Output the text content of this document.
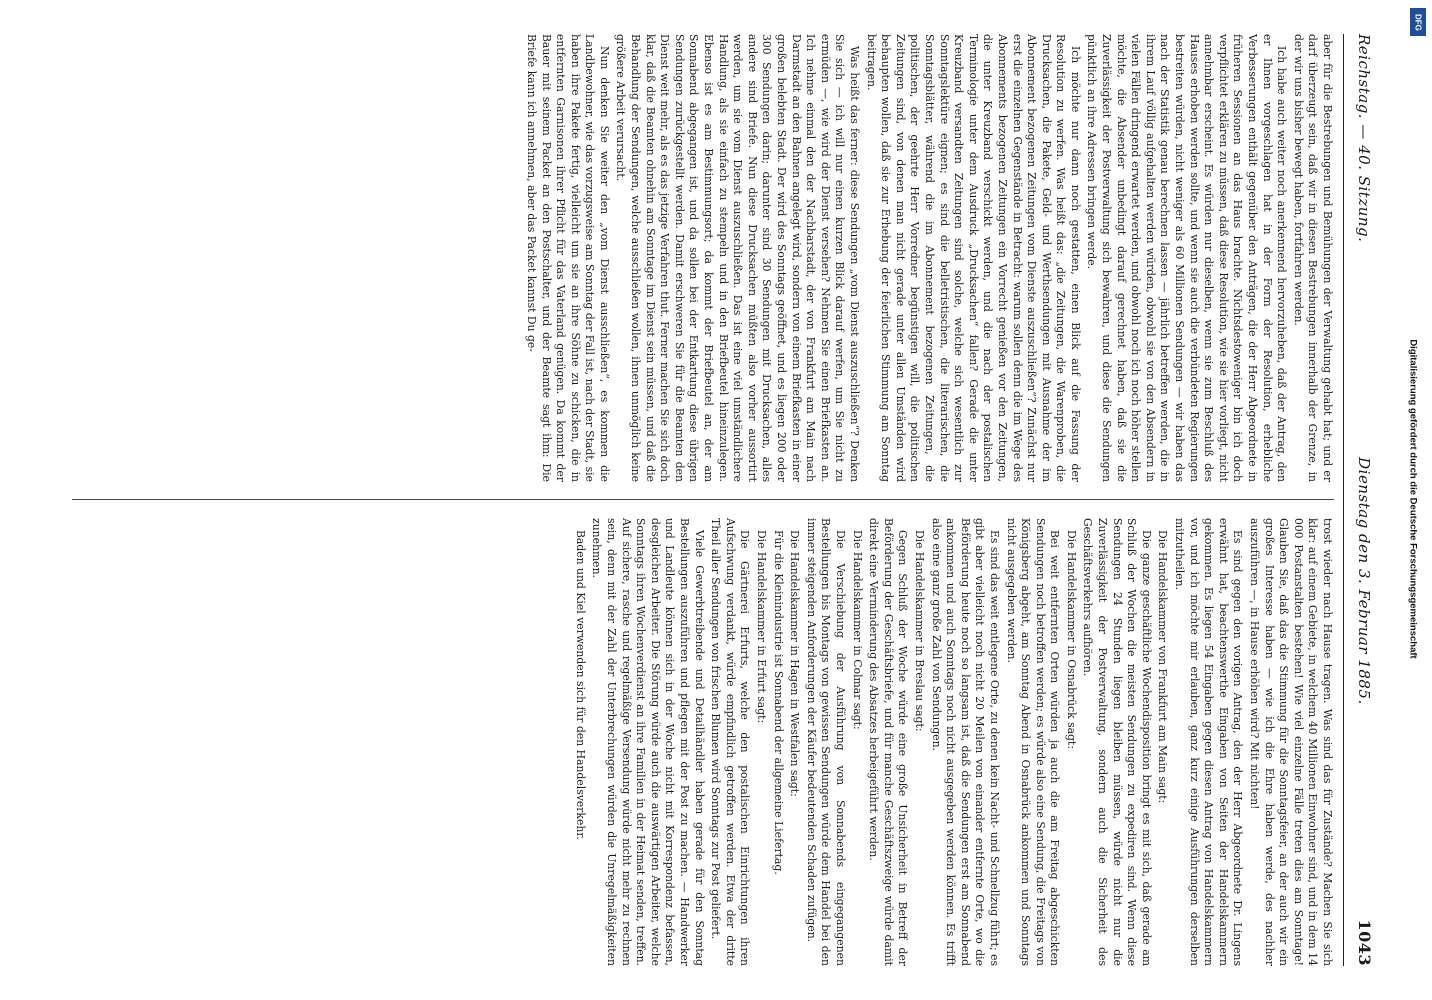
Reichstag. — 40. Sitzung.
Dienstag den 3. Februar 1885.
1043

aber für die Bestrebungen und Bemühungen der Verwaltung gehabt hat; und er darf überzeugt sein, daß wir in diesen Bestrebungen innerhalb der Grenze, in der wir uns bisher bewegt haben, fortfahren werden.

Ich habe auch weiter noch anerkennend hervorzuheben, daß der Antrag, den er Ihnen vorgeschlagen hat in der Form der Resolution, erhebliche Verbesserungen enthält gegenüber den Anträgen, die der Herr Abgeordnete in früheren Sessionen an das Haus brachte. Nichtsdestoweniger bin ich doch verpflichtet erklären zu müssen, daß diese Resolution, wie sie hier vorliegt, nicht annehmbar erscheint. Es würden nur dieselben, wenn sie zum Beschluß des Hauses erhoben werden sollte, und wenn sie auch die verbündeten Regierungen bestreiten würden, nicht weniger als 60 Millionen Sendungen — wir haben das nach der Statistik genau berechnen lassen — jährlich betreffen werden, die in ihrem Lauf völlig aufgehalten werden würden, obwohl sie von den Absendern in vielen Fällen dringend erwartet werden, und obwohl noch ich noch höher stellen möchte, die Absender unbedingt darauf gerechnet haben, daß sie die Zuverlässigkeit der Postverwaltung sich bewahren, und diese die Sendungen pünktlich an ihre Adressen bringen werde.

Ich möchte nur dann noch gestatten, einen Blick auf die Fassung der Resolution zu werfen. Was heißt das: „die Zeitungen, die Warenproben, die Drucksachen, die Pakete, Geld- und Werthsendungen mit Ausnahme der im Abonnement bezogenen Zeitungen vom Dienste auszuschließen“? Zunächst nur erst die einzelnen Gegenstände in Betracht: warum sollen denn die im Wege des Abonnements bezogenen Zeitungen ein Vorrecht genießen vor den Zeitungen, die unter Kreuzband verschickt werden, und die nach der postalischen Terminologie unter dem Ausdruck „Drucksachen“ fallen? Gerade die unter Kreuzband versandten Zeitungen sind solche, welche sich wesentlich zur Sonntagslektüre eignen; es sind die belletristischen, die literarischen, die Sonntagsblätter, während die im Abonnement bezogenen Zeitungen, die politischen, der geehrte Herr Vorredner begünstigen will, die politischen Zeitungen sind, von denen man nicht gerade unter allen Umständen wird behaupten wollen, daß sie zur Erhebung der feierlichen Stimmung am Sonntag beitragen.

Was heißt das ferner: diese Sendungen „vom Dienst auszuschließen“? Denken Sie sich — ich will nur einen kurzen Blick darauf werfen, um Sie nicht zu ermüden —, wie wird der Dienst versehen? Nehmen Sie einen Briefkasten an. Ich nehme einmal den der Nachbarstadt, der von Frankfurt am Main nach Darmstadt an den Bahnen angelegt wird, sondern von einem Briefkasten in einer großen belebten Stadt. Der wird des Sonntags geöffnet, und es liegen 200 oder 300 Sendungen darin; darunter sind 30 Sendungen mit Drucksachen, alles andere sind Briefe. Nun diese Drucksachen müßten also vorher aussortirt werden, um sie vom Dienst auszuschließen. Das ist eine viel umständlichere Handlung, als sie einfach zu stempeln und in den Briefbeutel hineinzulegen. Ebenso ist es am Bestimmungsort; da kommt der Briefbeutel an, der am Sonnabend abgegangen ist, und da sollen bei der Entkartung diese übrigen Sendungen zurückgestellt werden. Damit erschweren Sie für die Beamten den Dienst weit mehr, als es das jetzige Verfahren thut. Ferner machen Sie sich doch klar, daß die Beamten ohnehin am Sonntage im Dienst sein müssen, und daß die Behandlung der Sendungen, welche ausschließen wollen, ihnen unmöglich keine größere Arbeit verursacht.

Nun denken Sie weiter den „vom Dienst ausschließen“, es kommen die Landbewohner, wie das vorzugsweise am Sonntag der Fall ist, nach der Stadt, sie haben ihre Pakete fertig, vielleicht um sie an ihre Söhne zu schicken, die in entfernten Garnisonen ihrer Pflicht für das Vaterland genügen. Da kommt der Bauer mit seinem Packet an den Postschalter, und der Beamte sagt ihm: Die Briefe kann ich annehmen, aber das Packet kannst Du ge-

trost wieder nach Hause tragen. Was sind das für Zustände? Machen Sie sich klar: auf einem Gebiete, in welchem 40 Millionen Einwohner sind, und in dem 14 000 Postanstalten bestehen! Wie viel einzelne Fälle treten dies am Sonntage! Glauben Sie, daß das die Stimmung für die Sonntagsfeier, an der auch wir ein großes Interesse haben — wie ich die Ehre haben werde, des nachher auszuführen —, in Hause erhöhen wird? Mit nichten!

Es sind gegen den vorigen Antrag, den der Herr Abgeordnete Dr. Lingens erwähnt hat, beachtenswerthe Eingaben von Seiten der Handelskammern gekommen. Es liegen 54 Eingaben gegen diesen Antrag von Handelskammern vor, und ich möchte mir erlauben, ganz kurz einige Ausführungen derselben mitzutheilen.

Die Handelskammer von Frankfurt am Main sagt:

Die ganze geschäftliche Wochendisposition bringt es mit sich, daß gerade am Schluß der Wochen die meisten Sendungen zu expediren sind. Wenn diese Sendungen 24 Stunden liegen bleiben müssen, würde nicht nur die Zuverlässigkeit der Postverwaltung, sondern auch die Sicherheit des Geschäftsverkehrs aufhören.

Die Handelskammer in Osnabrück sagt:

Bei weit entfernten Orten würden ja auch die am Freitag abgeschickten Sendungen noch betroffen werden; es würde also eine Sendung, die Freitags von Königsberg abgeht, am Sonntag Abend in Osnabrück ankommen und Sonntags nicht ausgegeben werden.

Es sind das weit entlegene Orte, zu denen kein Nacht- und Schnellzug führt; es gibt aber vielleicht noch nicht 20 Meilen von einander entfernte Orte, wo die Beförderung heute noch so langsam ist, daß die Sendungen erst am Sonnabend ankommen und auch Sonntags noch nicht ausgegeben werden können. Es trifft also eine ganz große Zahl von Sendungen.

Die Handelskammer in Breslau sagt:

Gegen Schluß der Woche würde eine große Unsicherheit in Betreff der Beförderung der Geschäftsbriefe, und für manche Geschäftszweige würde damit direkt eine Verminderung des Absatzes herbeigeführt werden.

Die Handelskammer in Colmar sagt:

Die Verschiebung der Ausführung von Sonnabends eingegangenen Bestellungen bis Montags von gewissen Sendungen würde dem Handel bei den immer steigenden Anforderungen der Käufer bedeutenden Schaden zufügen.

Die Handelskammer in Hagen in Westfalen sagt:

Für die Kleinindustrie ist Sonnabend der allgemeine Liefertag.

Die Handelskammer in Erfurt sagt:

Die Gärtnerei Erfurts, welche den postalischen Einrichtungen ihren Aufschwung verdankt, würde empfindlich getroffen werden. Etwa der dritte Theil aller Sendungen von frischen Blumen wird Sonntags zur Post geliefert.

Viele Gewerbtreibende und Detailhändler haben gerade für den Sonntag Bestellungen auszuführen und pflegen mit der Post zu machen. — Handwerker und Landleute können sich in der Woche nicht mit Korrespondenz befassen, desgleichen Arbeiter. Die Störung würde auch die auswärtigen Arbeiter, welche Sonntags ihren Wochenverdienst an ihre Familien in der Heimat senden, treffen. Auf sichere, rasche und regelmäßige Versendung würde nicht mehr zu rechnen sein, denn mit der Zahl der Unterbrechungen würden die Unregelmäßigkeiten zunehmen.

Baden und Kiel verwenden sich für den Handelsverkehr.

Digitalisierung gefördert durch die Deutsche Forschungsgemeinschaft
DFG
